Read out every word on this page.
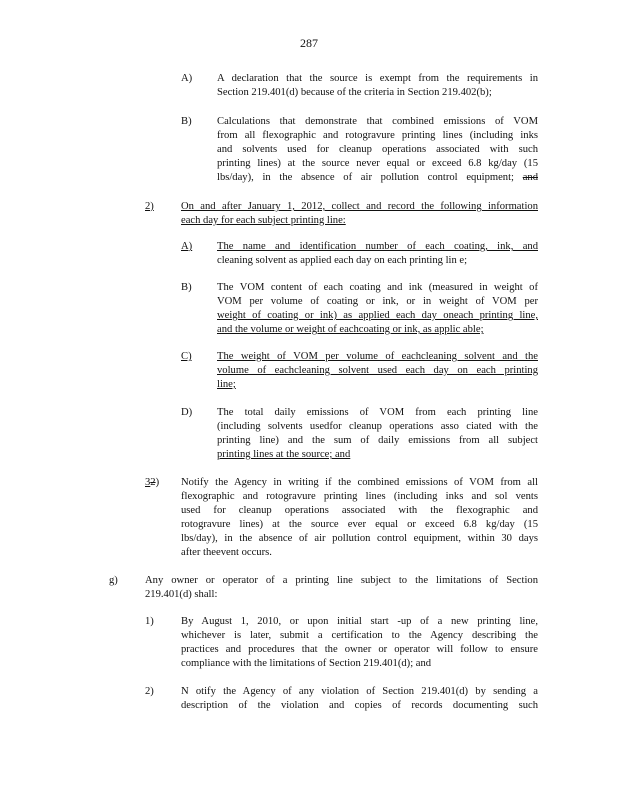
287
A) A declaration that the source is exempt from the requirements in
Section 219.401(d) because of the criteria in Section 219.402(b);
B) Calculations that demonstrate that combined emissions of VOM
from all flexographic and rotogravure printing lines (including inks
and solvents used for cleanup operations associated with such
printing lines) at the source never equal or exceed 6.8 kg/day (15
lbs/day), in the absence of air pollution control equipment; and
2)	On and after January 1, 2012, collect and record the following information
each day for each subject printing line:
A) The name and identification number of each coating, ink, and
cleaning solvent as applied each day on each printing lin e;
B) The VOM content of each coating and ink (measured in weight of
VOM per volume of coating or ink, or in weight of VOM per
weight of coating or ink) as applied each day oneach printing line,
and the volume or weight of eachcoating or ink, as applic able;
C) The weight of VOM per volume of eachcleaning solvent and the
volume of eachcleaning solvent used each day on each printing
line;
D) The total daily emissions of VOM from each printing line
(including solvents usedfor cleanup operations asso ciated with the
printing line) and the sum of daily emissions from all subject
printing lines at the source; and
32) Notify the Agency in writing if the combined emissions of VOM from all
flexographic and rotogravure printing lines (including inks and sol vents
used for cleanup operations associated with the flexographic and
rotogravure lines) at the source ever equal or exceed 6.8 kg/day (15
lbs/day), in the absence of air pollution control equipment, within 30 days
after theevent occurs.
g)	Any owner or operator of a printing line subject to the limitations of Section
219.401(d) shall:
1)	By August 1, 2010, or upon initial start -up of a new printing line,
whichever is later, submit a certification to the Agency describing the
practices and procedures that the owner or operator will follow to ensure
compliance with the limitations of Section 219.401(d); and
2)	N otify the Agency of any violation of Section 219.401(d) by sending a
description of the violation and copies of records documenting such
